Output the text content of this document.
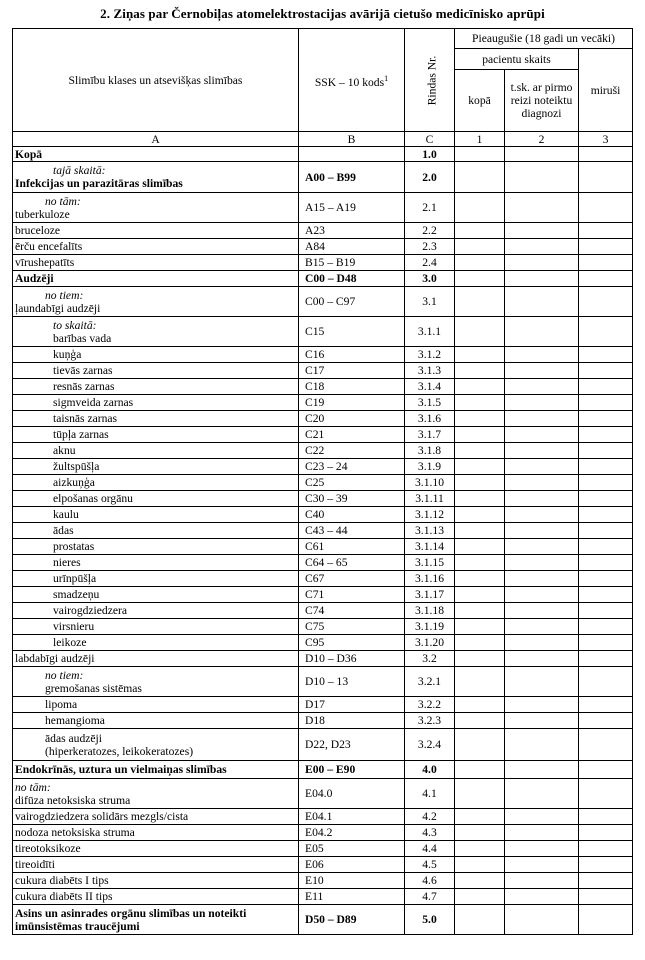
2. Ziņas par Černobiļas atomelektrostacijas avārijā cietušo medicīnisko aprūpi
Slimību klases un atsevišķas slimības	SSK – 10 kods$^1$	Rindas Nr.	Pieaugušie (18 gadi un vecāki)		
			pacientu skaits		miruši
			kopā	t.sk. ar pirmo reizi noteiktu diagnozi	
A	B	C	1	2	3

Kopā		1.0			

tajā skaitā:
Infekcijas un parazitāras slimības	A00 – B99	2.0			

no tām:
tuberkuloze	A15 – A19	2.1			

bruceloze	A23	2.2			

ērču encefalīts	A84	2.3			

vīrushepatīts	B15 – B19	2.4			

Audzēji	C00 – D48	3.0			

no tiem:
ļaundabīgi audzēji	C00 – C97	3.1			

to skaitā:
barības vada	C15	3.1.1			

kuņģa	C16	3.1.2			

tievās zarnas	C17	3.1.3			

resnās zarnas	C18	3.1.4			

sigmveida zarnas	C19	3.1.5			

taisnās zarnas	C20	3.1.6			

tūpļa zarnas	C21	3.1.7			

aknu	C22	3.1.8			

žultspūšļa	C23 – 24	3.1.9			

aizkuņģa	C25	3.1.10			

elpošanas orgānu	C30 – 39	3.1.11			

kaulu	C40	3.1.12			

ādas	C43 – 44	3.1.13			

prostatas	C61	3.1.14			

nieres	C64 – 65	3.1.15			

urīnpūšļa	C67	3.1.16			

smadzeņu	C71	3.1.17			

vairogdziedzera	C74	3.1.18			

virsnieru	C75	3.1.19			

leikoze	C95	3.1.20			

labdabīgi audzēji	D10 – D36	3.2			

no tiem:
gremošanas sistēmas	D10 – 13	3.2.1			

lipoma	D17	3.2.2			

hemangioma	D18	3.2.3			

ādas audzēji
(hiperkeratozes, leikokeratozes)	D22, D23	3.2.4			

Endokrīnās, uztura un vielmaiņas slimības	E00 – E90	4.0			

no tām:
difūza netoksiska struma	E04.0	4.1			

vairogdziedzera solidārs mezgls/cista	E04.1	4.2			

nodoza netoksiska struma	E04.2	4.3			

tireotoksikoze	E05	4.4			

tireoidīti	E06	4.5			

cukura diabēts I tips	E10	4.6			

cukura diabēts II tips	E11	4.7			

Asins un asinrades orgānu slimības un noteikti imūnsistēmas traucējumi	D50 – D89	5.0			
